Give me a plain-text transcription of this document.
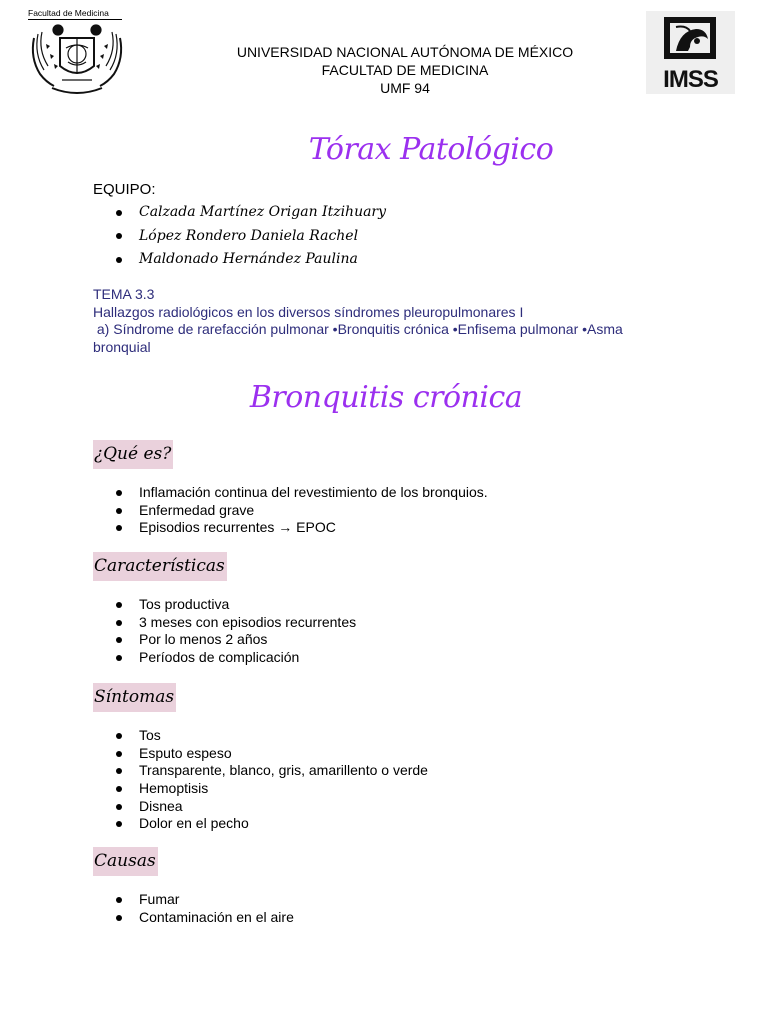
Facultad de Medicina
UNIVERSIDAD NACIONAL AUTÓNOMA DE MÉXICO
FACULTAD DE MEDICINA
UMF 94	IMSS
Tórax Patológico
EQUIPO:
Calzada Martínez Origan Itzihuary
López Rondero Daniela Rachel
Maldonado Hernández Paulina
TEMA 3.3
Hallazgos radiológicos en los diversos síndromes pleuropulmonares I
a) Síndrome de rarefacción pulmonar •Bronquitis crónica •Enfisema pulmonar •Asma
bronquial
Bronquitis crónica
¿Qué es?
Inflamación continua del revestimiento de los bronquios.
Enfermedad grave
Episodios recurrentes → EPOC
Características
Tos productiva
3 meses con episodios recurrentes
Por lo menos 2 años
Períodos de complicación
Síntomas
Tos
Esputo espeso
Transparente, blanco, gris, amarillento o verde
Hemoptisis
Disnea
Dolor en el pecho
Causas
Fumar
Contaminación en el aire
